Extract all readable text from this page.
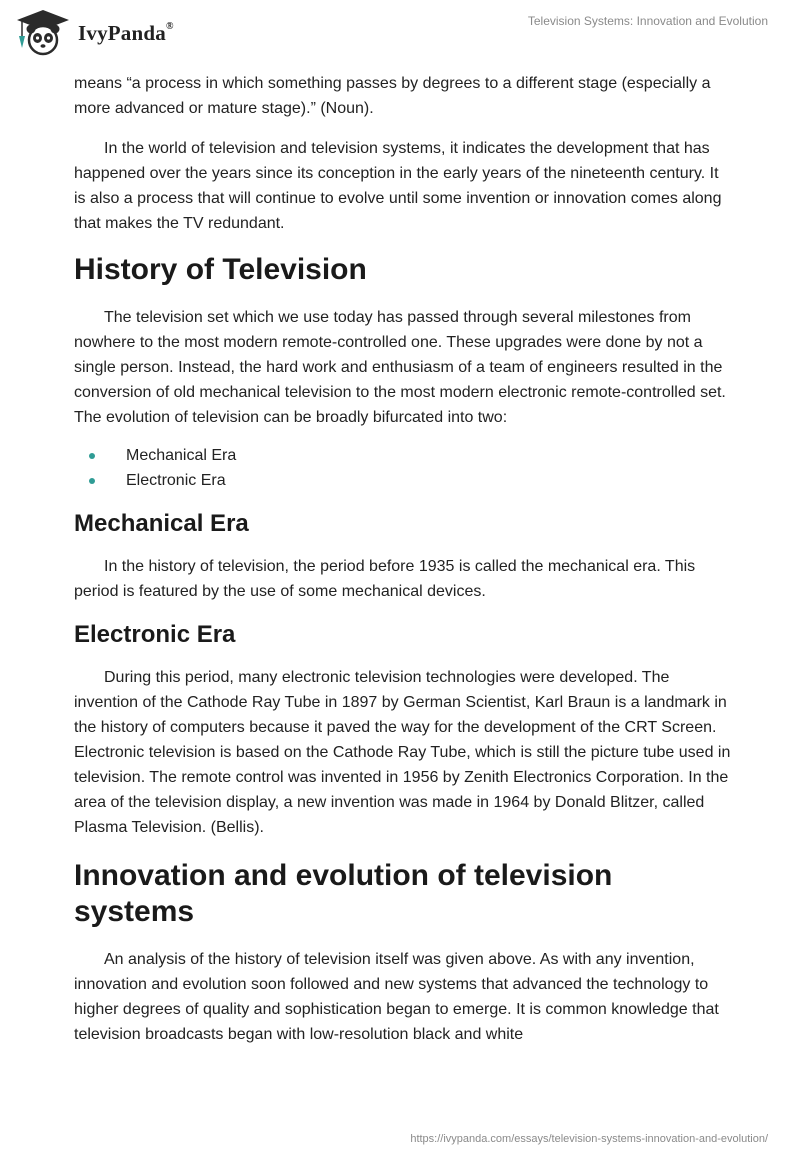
IvyPanda®	Television Systems: Innovation and Evolution

means “a process in which something passes by degrees to a different stage (especially a more advanced or mature stage).” (Noun).

In the world of television and television systems, it indicates the development that has happened over the years since its conception in the early years of the nineteenth century. It is also a process that will continue to evolve until some invention or innovation comes along that makes the TV redundant.

History of Television

The television set which we use today has passed through several milestones from nowhere to the most modern remote-controlled one. These upgrades were done by not a single person. Instead, the hard work and enthusiasm of a team of engineers resulted in the conversion of old mechanical television to the most modern electronic remote-controlled set. The evolution of television can be broadly bifurcated into two:

Mechanical Era
Electronic Era
Mechanical Era

In the history of television, the period before 1935 is called the mechanical era. This period is featured by the use of some mechanical devices.

Electronic Era

During this period, many electronic television technologies were developed. The invention of the Cathode Ray Tube in 1897 by German Scientist, Karl Braun is a landmark in the history of computers because it paved the way for the development of the CRT Screen. Electronic television is based on the Cathode Ray Tube, which is still the picture tube used in television. The remote control was invented in 1956 by Zenith Electronics Corporation. In the area of the television display, a new invention was made in 1964 by Donald Blitzer, called Plasma Television. (Bellis).

Innovation and evolution of television systems

An analysis of the history of television itself was given above. As with any invention, innovation and evolution soon followed and new systems that advanced the technology to higher degrees of quality and sophistication began to emerge. It is common knowledge that television broadcasts began with low-resolution black and white

https://ivypanda.com/essays/television-systems-innovation-and-evolution/
